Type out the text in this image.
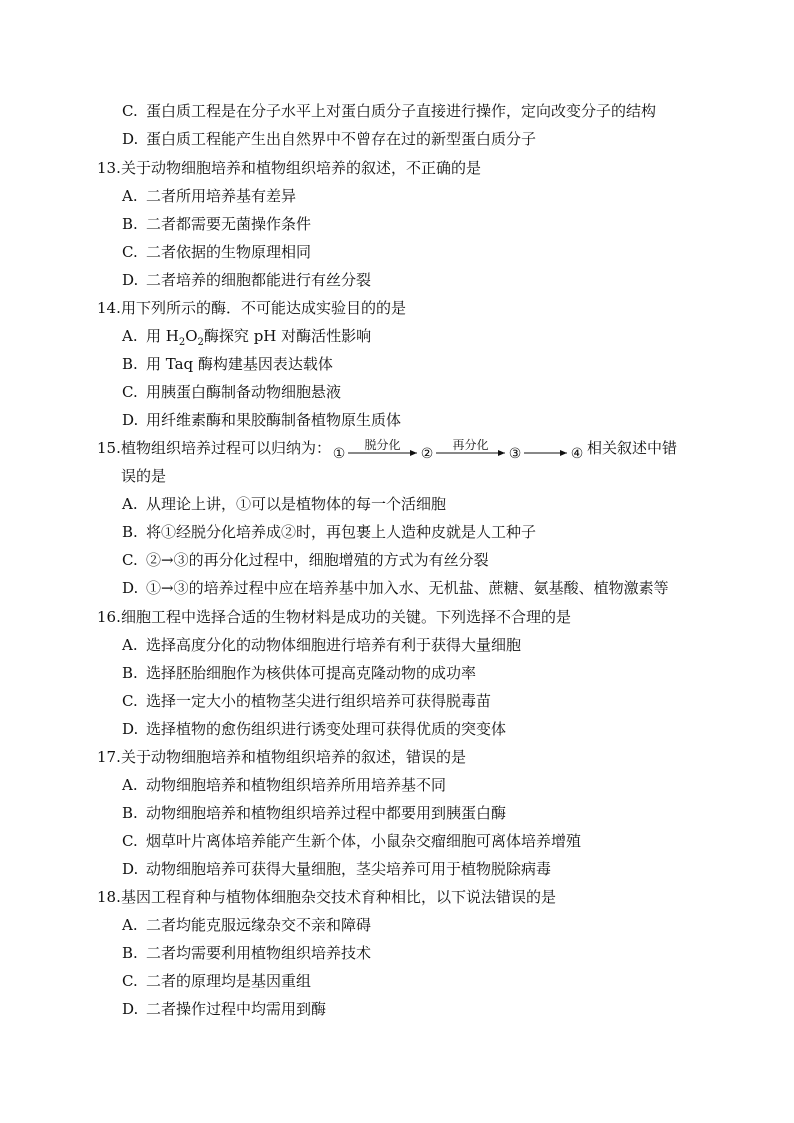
C. 蛋白质工程是在分子水平上对蛋白质分子直接进行操作，定向改变分子的结构
D. 蛋白质工程能产生出自然界中不曾存在过的新型蛋白质分子
13.关于动物细胞培养和植物组织培养的叙述，不正确的是
A. 二者所用培养基有差异
B. 二者都需要无菌操作条件
C. 二者依据的生物原理相同
D. 二者培养的细胞都能进行有丝分裂
14.用下列所示的酶．不可能达成实验目的的是
A. 用 $H_2O_2$酶探究 pH 对酶活性影响
B. 用 Taq 酶构建基因表达载体
C. 用胰蛋白酶制备动物细胞悬液
D. 用纤维素酶和果胶酶制备植物原生质体
15.植物组织培养过程可以归纳为： ①	②	③	④
脱分化	再分化	相关叙述中错
误的是
A. 从理论上讲，①可以是植物体的每一个活细胞
B. 将①经脱分化培养成②时，再包裹上人造种皮就是人工种子
C. ②→③的再分化过程中，细胞增殖的方式为有丝分裂
D. ①→③的培养过程中应在培养基中加入水、无机盐、蔗糖、氨基酸、植物激素等
16.细胞工程中选择合适的生物材料是成功的关键。下列选择不合理的是
A. 选择高度分化的动物体细胞进行培养有利于获得大量细胞
B. 选择胚胎细胞作为核供体可提高克隆动物的成功率
C. 选择一定大小的植物茎尖进行组织培养可获得脱毒苗
D. 选择植物的愈伤组织进行诱变处理可获得优质的突变体
17.关于动物细胞培养和植物组织培养的叙述，错误的是
A. 动物细胞培养和植物组织培养所用培养基不同
B. 动物细胞培养和植物组织培养过程中都要用到胰蛋白酶
C. 烟草叶片离体培养能产生新个体，小鼠杂交瘤细胞可离体培养增殖
D. 动物细胞培养可获得大量细胞，茎尖培养可用于植物脱除病毒
18.基因工程育种与植物体细胞杂交技术育种相比，以下说法错误的是
A. 二者均能克服远缘杂交不亲和障碍
B. 二者均需要利用植物组织培养技术
C. 二者的原理均是基因重组
D. 二者操作过程中均需用到酶
